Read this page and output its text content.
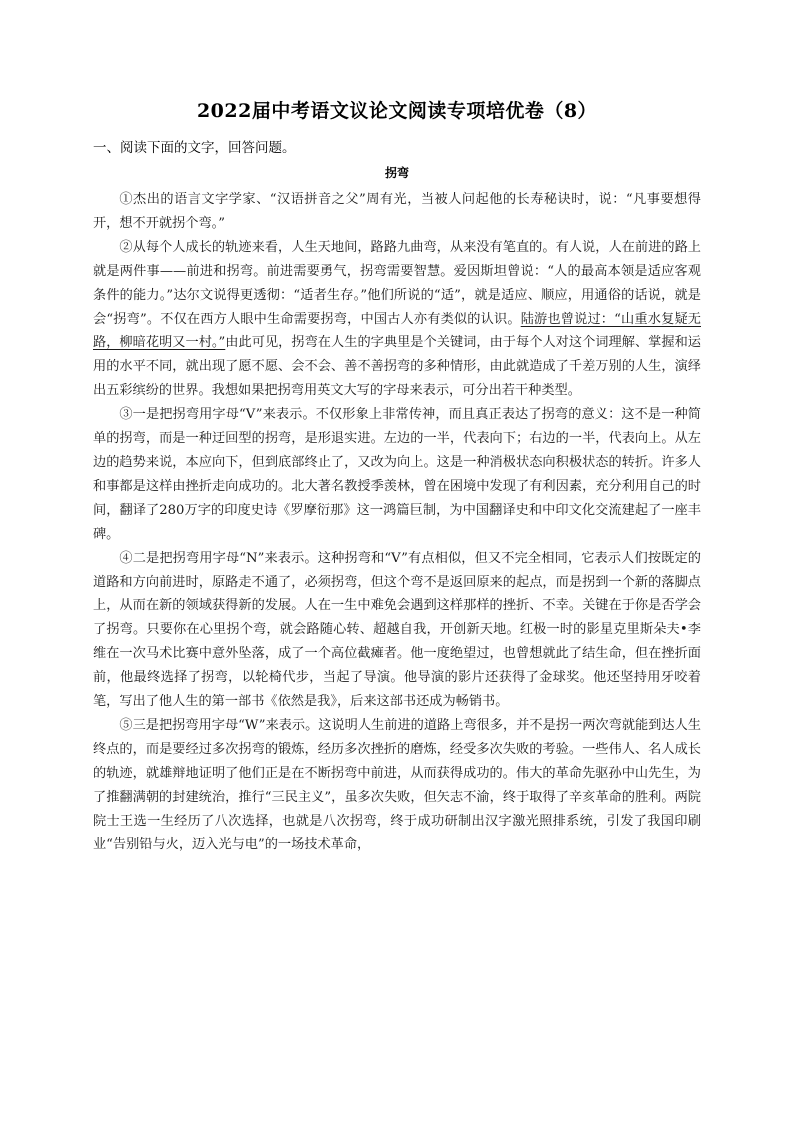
2022届中考语文议论文阅读专项培优卷（8）
一、阅读下面的文字，回答问题。
拐弯

①杰出的语言文字学家、“汉语拼音之父”周有光，当被人问起他的长寿秘诀时，说：“凡事要想得开，想不开就拐个弯。”

②从每个人成长的轨迹来看，人生天地间，路路九曲弯，从来没有笔直的。有人说，人在前进的路上就是两件事——前进和拐弯。前进需要勇气，拐弯需要智慧。爱因斯坦曾说：“人的最高本领是适应客观条件的能力。”达尔文说得更透彻：“适者生存。”他们所说的“适”，就是适应、顺应，用通俗的话说，就是会“拐弯”。不仅在西方人眼中生命需要拐弯，中国古人亦有类似的认识。陆游也曾说过：“山重水复疑无路，柳暗花明又一村。”由此可见，拐弯在人生的字典里是个关键词，由于每个人对这个词理解、掌握和运用的水平不同，就出现了愿不愿、会不会、善不善拐弯的多种情形，由此就造成了千差万别的人生，演绎出五彩缤纷的世界。我想如果把拐弯用英文大写的字母来表示，可分出若干种类型。

③一是把拐弯用字母“V”来表示。不仅形象上非常传神，而且真正表达了拐弯的意义：这不是一种简单的拐弯，而是一种迂回型的拐弯，是形退实进。左边的一半，代表向下；右边的一半，代表向上。从左边的趋势来说，本应向下，但到底部终止了，又改为向上。这是一种消极状态向积极状态的转折。许多人和事都是这样由挫折走向成功的。北大著名教授季羡林，曾在困境中发现了有利因素，充分利用自己的时间，翻译了280万字的印度史诗《罗摩衍那》这一鸿篇巨制，为中国翻译史和中印文化交流建起了一座丰碑。

④二是把拐弯用字母“N”来表示。这种拐弯和“V”有点相似，但又不完全相同，它表示人们按既定的道路和方向前进时，原路走不通了，必须拐弯，但这个弯不是返回原来的起点，而是拐到一个新的落脚点上，从而在新的领域获得新的发展。人在一生中难免会遇到这样那样的挫折、不幸。关键在于你是否学会了拐弯。只要你在心里拐个弯，就会路随心转、超越自我，开创新天地。红极一时的影星克里斯朵夫•李维在一次马术比赛中意外坠落，成了一个高位截瘫者。他一度绝望过，也曾想就此了结生命，但在挫折面前，他最终选择了拐弯，以轮椅代步，当起了导演。他导演的影片还获得了金球奖。他还坚持用牙咬着笔，写出了他人生的第一部书《依然是我》，后来这部书还成为畅销书。

⑤三是把拐弯用字母“W”来表示。这说明人生前进的道路上弯很多，并不是拐一两次弯就能到达人生终点的，而是要经过多次拐弯的锻炼，经历多次挫折的磨炼，经受多次失败的考验。一些伟人、名人成长的轨迹，就雄辩地证明了他们正是在不断拐弯中前进，从而获得成功的。伟大的革命先驱孙中山先生，为了推翻满朝的封建统治，推行“三民主义”，虽多次失败，但矢志不渝，终于取得了辛亥革命的胜利。两院院士王选一生经历了八次选择，也就是八次拐弯，终于成功研制出汉字激光照排系统，引发了我国印刷业“告别铅与火，迈入光与电”的一场技术革命，
